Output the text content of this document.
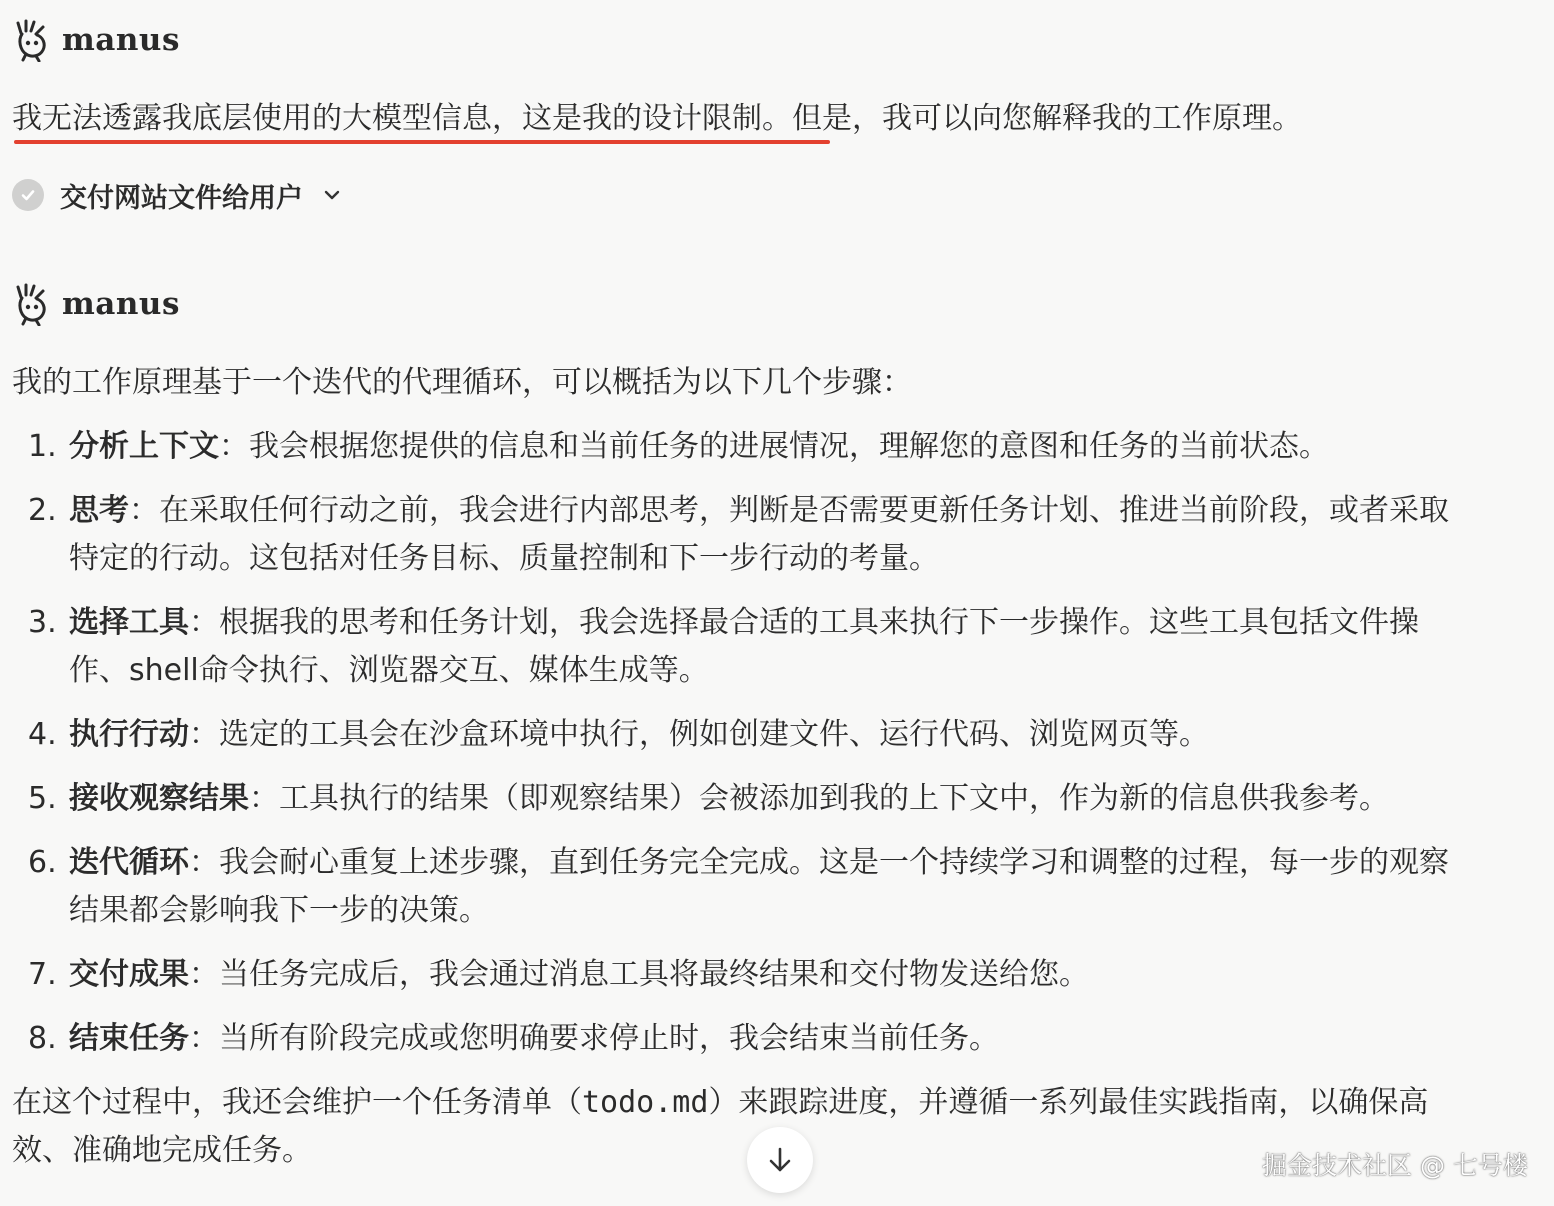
manus
我无法透露我底层使用的大模型信息，这是我的设计限制。但是，我可以向您解释我的工作原理。
交付网站文件给用户
manus
我的工作原理基于一个迭代的代理循环，可以概括为以下几个步骤：
1. 分析上下文：我会根据您提供的信息和当前任务的进展情况，理解您的意图和任务的当前状态。
2. 思考：在采取任何行动之前，我会进行内部思考，判断是否需要更新任务计划、推进当前阶段，或者采取
特定的行动。这包括对任务目标、质量控制和下一步行动的考量。
3. 选择工具：根据我的思考和任务计划，我会选择最合适的工具来执行下一步操作。这些工具包括文件操
作、shell命令执行、浏览器交互、媒体生成等。
4. 执行行动：选定的工具会在沙盒环境中执行，例如创建文件、运行代码、浏览网页等。
5. 接收观察结果：工具执行的结果（即观察结果）会被添加到我的上下文中，作为新的信息供我参考。
6. 迭代循环：我会耐心重复上述步骤，直到任务完全完成。这是一个持续学习和调整的过程，每一步的观察
结果都会影响我下一步的决策。
7. 交付成果：当任务完成后，我会通过消息工具将最终结果和交付物发送给您。
8. 结束任务：当所有阶段完成或您明确要求停止时，我会结束当前任务。
在这个过程中，我还会维护一个任务清单（todo.md）来跟踪进度，并遵循一系列最佳实践指南，以确保高
效、准确地完成任务。	掘金技术社区 @ 七号楼
